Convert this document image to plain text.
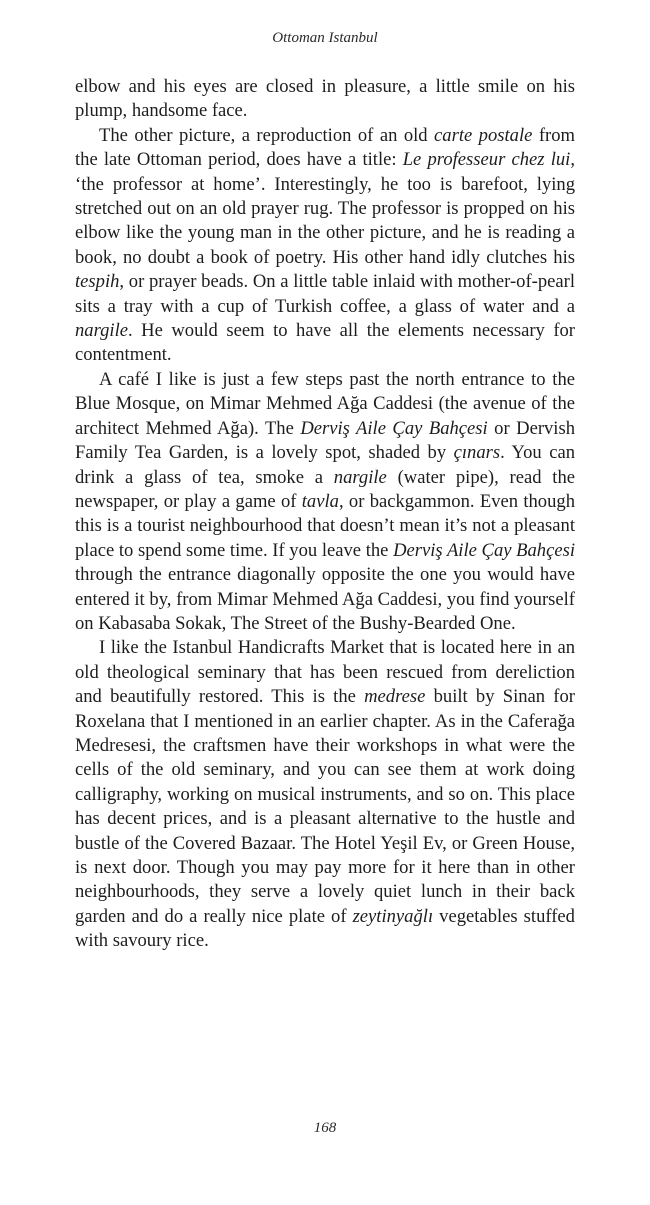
Ottoman Istanbul

elbow and his eyes are closed in pleasure, a little smile on his plump, handsome face.

The other picture, a reproduction of an old carte postale from the late Ottoman period, does have a title: Le professeur chez lui, ‘the professor at home’. Interestingly, he too is barefoot, lying stretched out on an old prayer rug. The professor is propped on his elbow like the young man in the other picture, and he is reading a book, no doubt a book of poetry. His other hand idly clutches his tespih, or prayer beads. On a little table inlaid with mother-of-pearl sits a tray with a cup of Turkish coffee, a glass of water and a nargile. He would seem to have all the elements necessary for contentment.

A café I like is just a few steps past the north entrance to the Blue Mosque, on Mimar Mehmed Ağa Caddesi (the avenue of the architect Mehmed Ağa). The Derviş Aile Çay Bahçesi or Dervish Family Tea Garden, is a lovely spot, shaded by çınars. You can drink a glass of tea, smoke a nargile (water pipe), read the newspaper, or play a game of tavla, or backgammon. Even though this is a tourist neighbourhood that doesn’t mean it’s not a pleasant place to spend some time. If you leave the Derviş Aile Çay Bahçesi through the entrance diagonally opposite the one you would have entered it by, from Mimar Mehmed Ağa Caddesi, you find yourself on Kabasaba Sokak, The Street of the Bushy-Bearded One.

I like the Istanbul Handicrafts Market that is located here in an old theological seminary that has been rescued from dereliction and beautifully restored. This is the medrese built by Sinan for Roxelana that I mentioned in an earlier chapter. As in the Caferağa Medresesi, the craftsmen have their workshops in what were the cells of the old seminary, and you can see them at work doing calligraphy, working on musical instruments, and so on. This place has decent prices, and is a pleasant alternative to the hustle and bustle of the Covered Bazaar. The Hotel Yeşil Ev, or Green House, is next door. Though you may pay more for it here than in other neighbourhoods, they serve a lovely quiet lunch in their back garden and do a really nice plate of zeytinyağlı vegetables stuffed with savoury rice.

168
